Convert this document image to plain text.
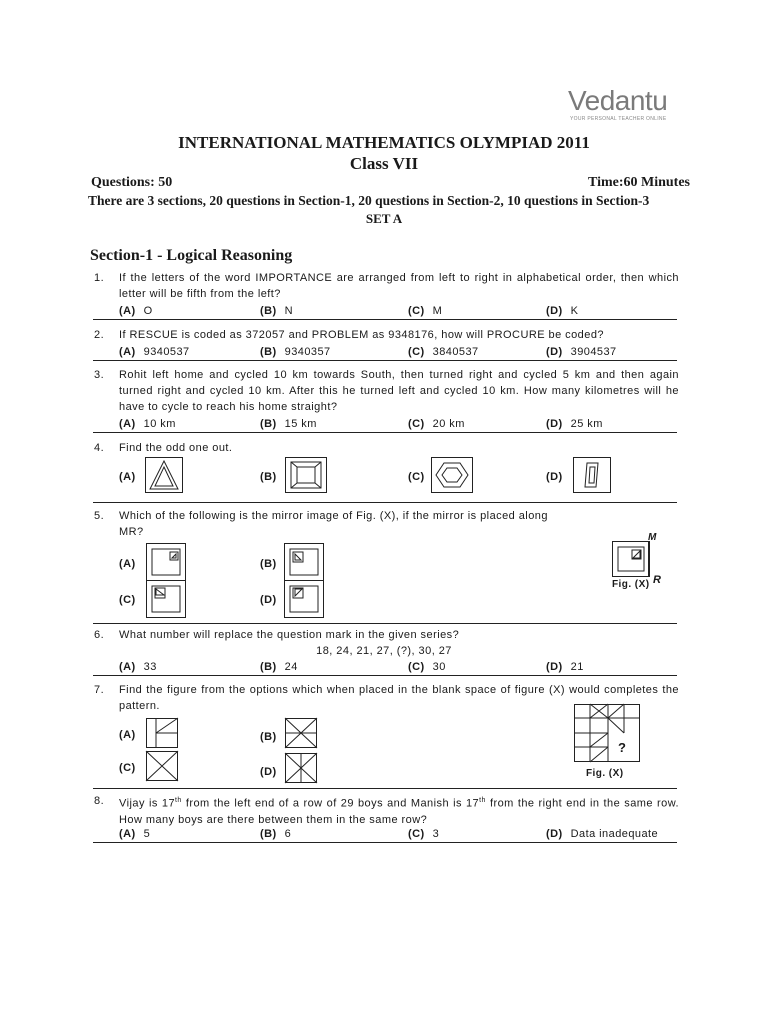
Vedantu
YOUR PERSONAL TEACHER ONLINE
INTERNATIONAL MATHEMATICS OLYMPIAD 2011
Class VII
Questions: 50	Time:60 Minutes
There are 3 sections, 20 questions in Section-1, 20 questions in Section-2, 10 questions in Section-3
SET A
Section-1 - Logical Reasoning
1. If the letters of the word IMPORTANCE are arranged from left to right in alphabetical order, then which letter will be fifth from the left?
(A) O	(B) N	(C) M	(D) K
2. If RESCUE is coded as 372057 and PROBLEM as 9348176, how will PROCURE be coded?
(A) 9340537	(B) 9340357	(C) 3840537	(D) 3904537
3. Rohit left home and cycled 10 km towards South, then turned right and cycled 5 km and then again turned right and cycled 10 km. After this he turned left and cycled 10 km. How many kilometres will he have to cycle to reach his home straight?
(A) 10 km	(B) 15 km	(C) 20 km	(D) 25 km
4. Find the odd one out.
(A)	(B)	(C)	(D)
5. Which of the following is the mirror image of Fig. (X), if the mirror is placed along MR?
(A)	(B)
(C)	(D)
M
R
Fig. (X)
6. What number will replace the question mark in the given series?
18, 24, 21, 27, (?), 30, 27
(A) 33	(B) 24	(C) 30	(D) 21
7. Find the figure from the options which when placed in the blank space of figure (X) would completes the pattern.
(A)	(B)
(C)	(D)
?
Fig. (X)
8. Vijay is 17th from the left end of a row of 29 boys and Manish is 17th from the right end in the same row. How many boys are there between them in the same row?
(A) 5	(B) 6	(C) 3	(D) Data inadequate
